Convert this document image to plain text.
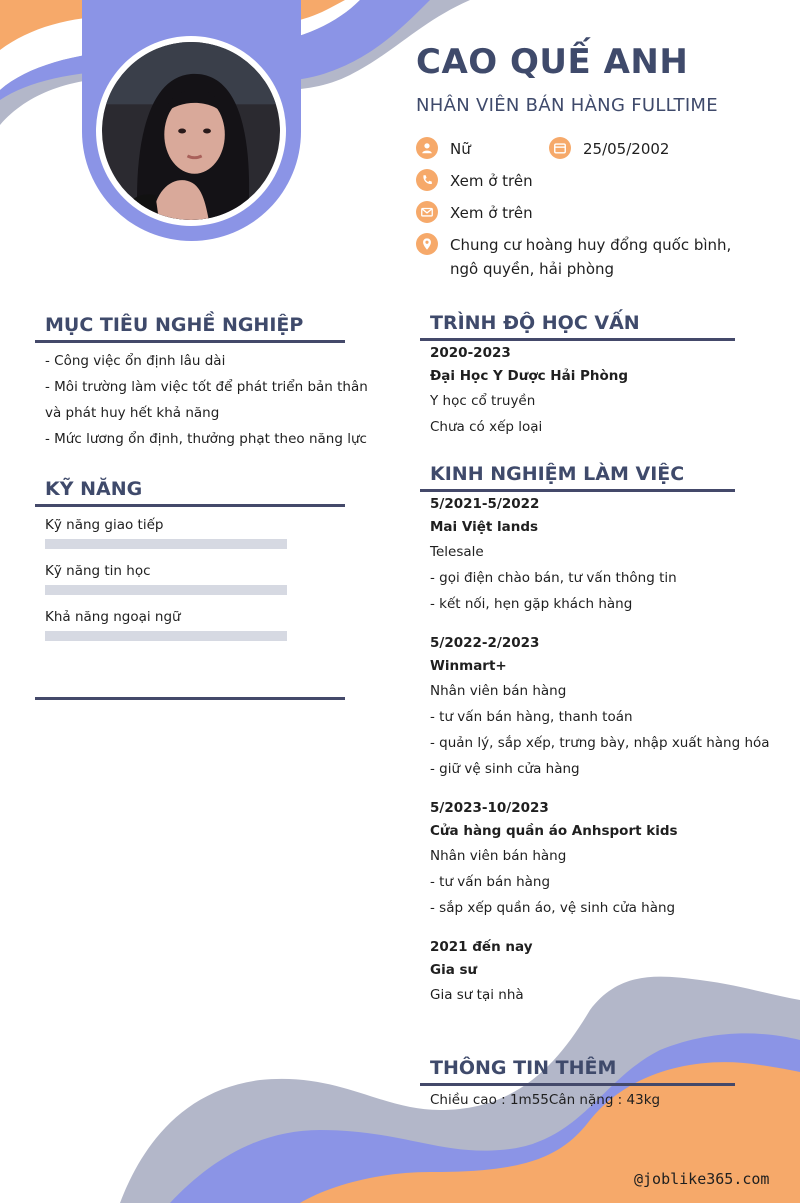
CAO QUẾ ANH
NHÂN VIÊN BÁN HÀNG FULLTIME
Nữ	25/05/2002
Xem ở trên
Xem ở trên
Chung cư hoàng huy đổng quốc bình, ngô quyền, hải phòng
MỤC TIÊU NGHỀ NGHIỆP
- Công việc ổn định lâu dài
- Môi trường làm việc tốt để phát triển bản thân
và phát huy hết khả năng
- Mức lương ổn định, thưởng phạt theo năng lực
KỸ NĂNG
Kỹ năng giao tiếp
Kỹ năng tin học
Khả năng ngoại ngữ
TRÌNH ĐỘ HỌC VẤN
2020-2023
Đại Học Y Dược Hải Phòng
Y học cổ truyền
Chưa có xếp loại
KINH NGHIỆM LÀM VIỆC
5/2021-5/2022
Mai Việt lands
Telesale
- gọi điện chào bán, tư vấn thông tin
- kết nối, hẹn gặp khách hàng
5/2022-2/2023
Winmart+
Nhân viên bán hàng
- tư vấn bán hàng, thanh toán
- quản lý, sắp xếp, trưng bày, nhập xuất hàng hóa
- giữ vệ sinh cửa hàng
5/2023-10/2023
Cửa hàng quần áo Anhsport kids
Nhân viên bán hàng
- tư vấn bán hàng
- sắp xếp quần áo, vệ sinh cửa hàng
2021 đến nay
Gia sư
Gia sư tại nhà
THÔNG TIN THÊM
Chiều cao : 1m55Cân nặng : 43kg
@joblike365.com
